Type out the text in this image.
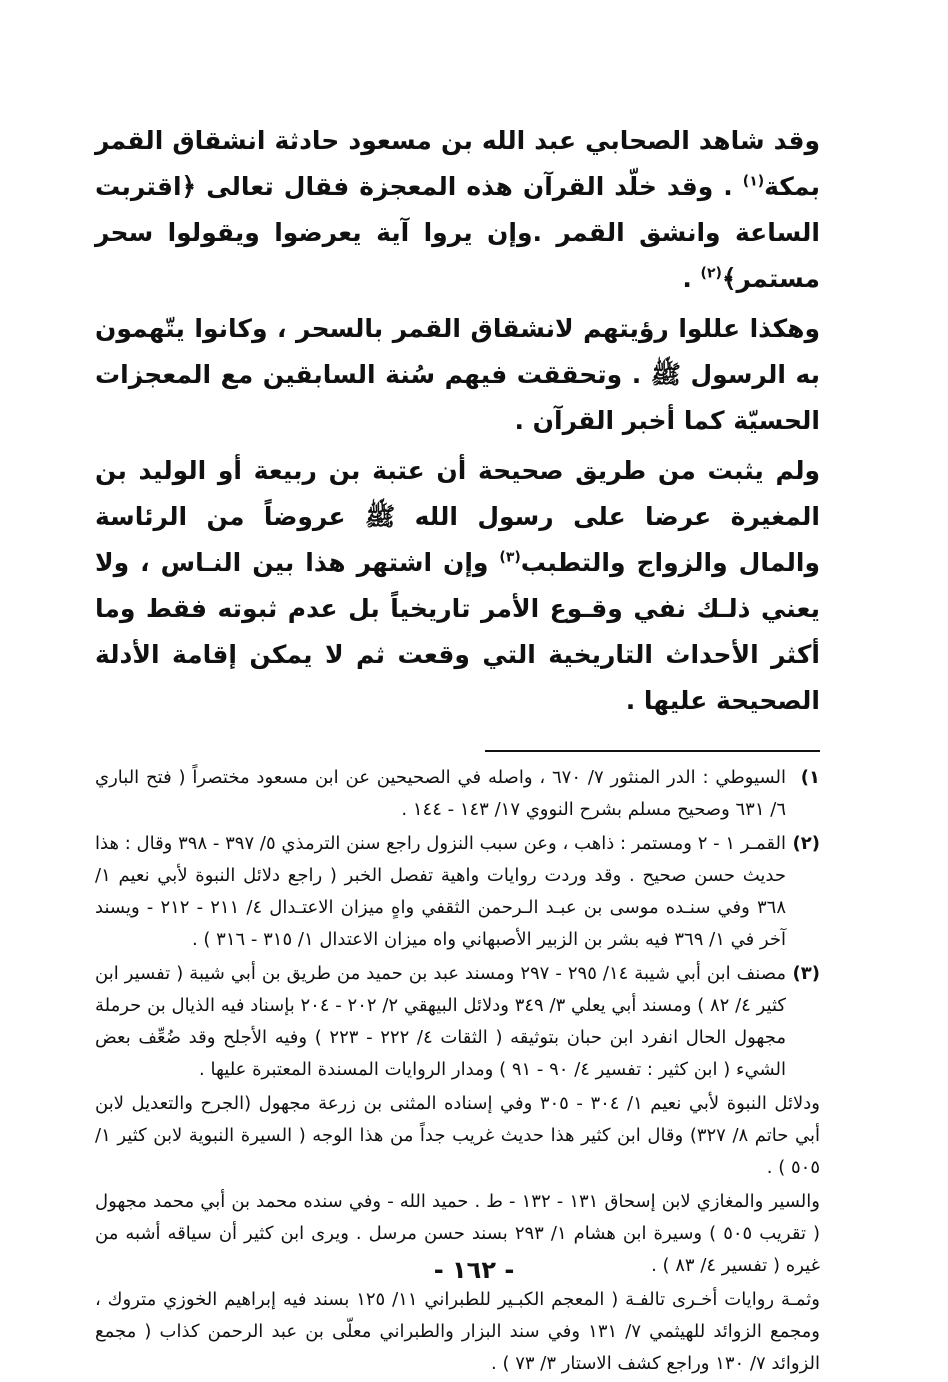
وقد شاهد الصحابي عبد الله بن مسعود حادثة انشقاق القمر بمكة$^{(١)}$ . وقد خلّد القرآن هذه المعجزة فقال تعالى ﴿اقتربت الساعة وانشق القمر .وإن يروا آية يعرضوا ويقولوا سحر مستمر﴾$^{(٢)}$ .

وهكذا عللوا رؤيتهم لانشقاق القمر بالسحر ، وكانوا يتّهمون به الرسول ﷺ . وتحققت فيهم سُنة السابقين مع المعجزات الحسيّة كما أخبر القرآن .

ولم يثبت من طريق صحيحة أن عتبة بن ربيعة أو الوليد بن المغيرة عرضا على رسول الله ﷺ عروضاً من الرئاسة والمال والزواج والتطبب$^{(٣)}$ وإن اشتهر هذا بين النـاس ، ولا يعني ذلـك نفي وقـوع الأمر تاريخياً بل عدم ثبوته فقط وما أكثر الأحداث التاريخية التي وقعت ثم لا يمكن إقامة الأدلة الصحيحة عليها .

١)

السيوطي : الدر المنثور ٧/ ٦٧٠ ، واصله في الصحيحين عن ابن مسعود مختصراً ( فتح الباري ٦/ ٦٣١ وصحيح مسلم بشرح النووي ١٧/ ١٤٣ - ١٤٤ .

(٢)

القمـر ١ - ٢ ومستمر : ذاهب ، وعن سبب النزول راجع سنن الترمذي ٥/ ٣٩٧ - ٣٩٨ وقال : هذا حديث حسن صحيح . وقد وردت روايات واهية تفصل الخبر ( راجع دلائل النبوة لأبي نعيم ١/ ٣٦٨ وفي سنـده موسى بن عبـد الـرحمن الثقفي واهٍ ميزان الاعتـدال ٤/ ٢١١ - ٢١٢ - ويسند آخر في ١/ ٣٦٩ فيه بشر بن الزبير الأصبهاني واه ميزان الاعتدال ١/ ٣١٥ - ٣١٦ ) .

(٣)

مصنف ابن أبي شيبة ١٤/ ٢٩٥ - ٢٩٧ ومسند عبد بن حميد من طريق بن أبي شيبة ( تفسير ابن كثير ٤/ ٨٢ ) ومسند أبي يعلي ٣/ ٣٤٩ ودلائل البيهقي ٢/ ٢٠٢ - ٢٠٤ بإسناد فيه الذيال بن حرملة مجهول الحال انفرد ابن حبان بتوثيقه ( الثقات ٤/ ٢٢٢ - ٢٢٣ ) وفيه الأجلح وقد ضُعِّف بعض الشيء ( ابن كثير : تفسير ٤/ ٩٠ - ٩١ ) ومدار الروايات المسندة المعتبرة عليها .

ودلائل النبوة لأبي نعيم ١/ ٣٠٤ - ٣٠٥ وفي إسناده المثنى بن زرعة مجهول (الجرح والتعديل لابن أبي حاتم ٨/ ٣٢٧) وقال ابن كثير هذا حديث غريب جداً من هذا الوجه ( السيرة النبوية لابن كثير ١/ ٥٠٥ ) .

والسير والمغازي لابن إسحاق ١٣١ - ١٣٢ - ط . حميد الله - وفي سنده محمد بن أبي محمد مجهول ( تقريب ٥٠٥ ) وسيرة ابن هشام ١/ ٢٩٣ بسند حسن مرسل . ويرى ابن كثير أن سياقه أشبه من غيره ( تفسير ٤/ ٨٣ ) .

وثمـة روايات أخـرى تالفـة ( المعجم الكبـير للطبراني ١١/ ١٢٥ بسند فيه إبراهيم الخوزي متروك ، ومجمع الزوائد للهيثمي ٧/ ١٣١ وفي سند البزار والطبراني معلّى بن عبد الرحمن كذاب ( مجمع الزوائد ٧/ ١٣٠ وراجع كشف الاستار ٣/ ٧٣ ) .

- ١٦٢ -
